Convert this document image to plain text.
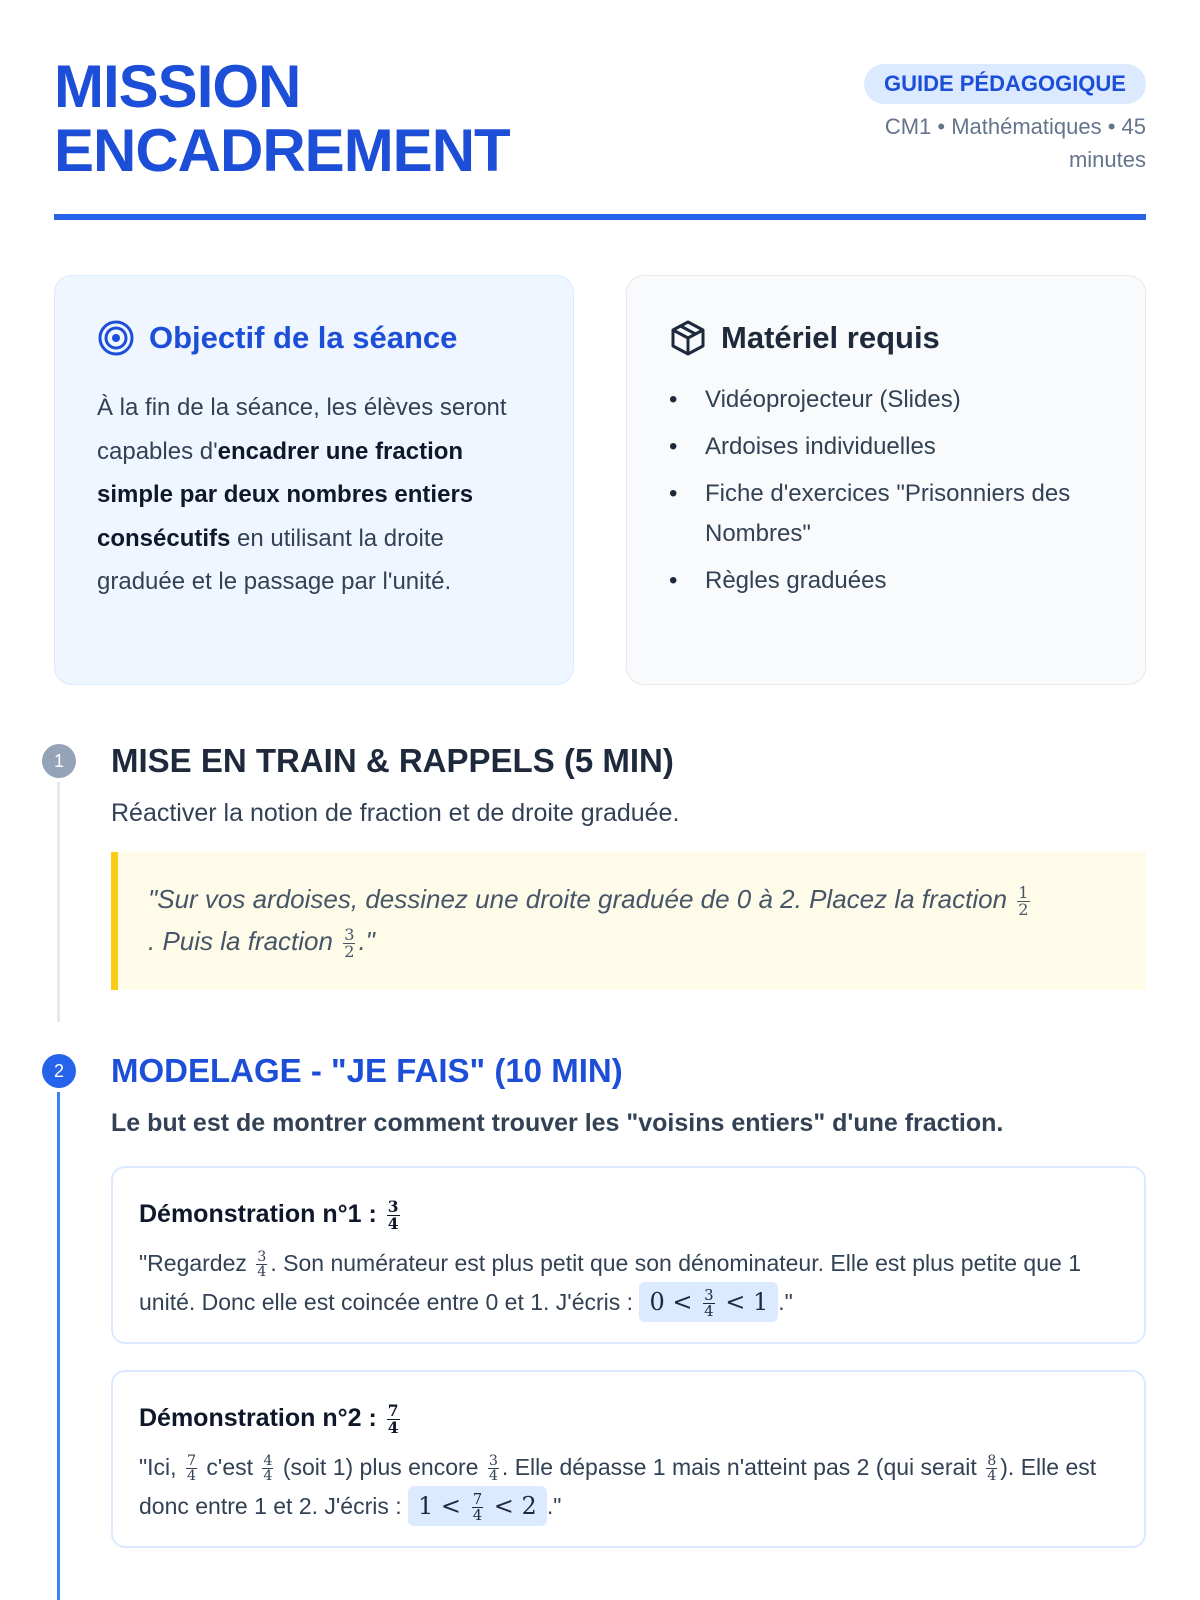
MISSION
ENCADREMENT
GUIDE PÉDAGOGIQUE
CM1 • Mathématiques • 45
minutes
Objectif de la séance

À la fin de la séance, les élèves seront capables d'encadrer une fraction simple par deux nombres entiers consécutifs en utilisant la droite graduée et le passage par l'unité.

Matériel requis
• Vidéoprojecteur (Slides)
• Ardoises individuelles
• Fiche d'exercices "Prisonniers des Nombres"
• Règles graduées
1	MISE EN TRAIN & RAPPELS (5 MIN)

Réactiver la notion de fraction et de droite graduée.

"Sur vos ardoises, dessinez une droite graduée de 0 à 2. Placez la fraction $\frac{1}{2}$

. Puis la fraction $\frac{3}{2}$ ."
2	MODELAGE - "JE FAIS" (10 MIN)

Le but est de montrer comment trouver les "voisins entiers" d'une fraction.

Démonstration n°1 : $\frac{3}{4}$

"Regardez $\frac{3}{4}$ . Son numérateur est plus petit que son dénominateur. Elle est plus petite que 1 unité. Donc elle est coincée entre 0 et 1. J'écris : $0 < \frac{3}{4} < 1$ ."

Démonstration n°2 : $\frac{7}{4}$

"Ici, $\frac{7}{4} c'est \frac{4}{4}$ (soit 1) plus encore $\frac{3}{4}$ . Elle dépasse 1 mais n'atteint pas 2 (qui serait $\frac{8}{4}$ ). Elle est donc entre 1 et 2. J'écris : $1 < \frac{7}{4} < 2$ ."
